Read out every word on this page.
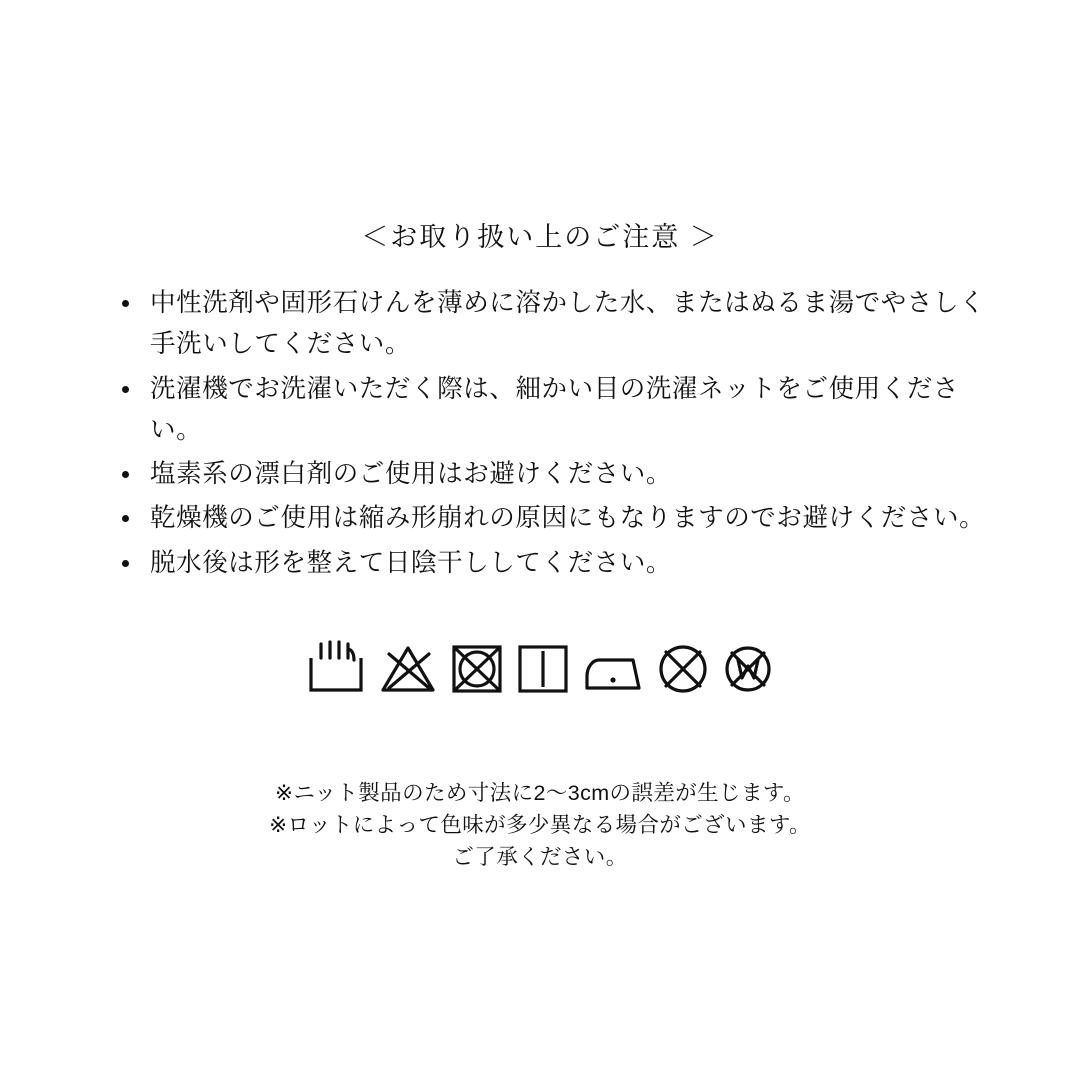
＜お取り扱い上のご注意 ＞
中性洗剤や固形石けんを薄めに溶かした水、またはぬるま湯でやさしく手洗いしてください。
洗濯機でお洗濯いただく際は、細かい目の洗濯ネットをご使用ください。
塩素系の漂白剤のご使用はお避けください。
乾燥機のご使用は縮み形崩れの原因にもなりますのでお避けください。
脱水後は形を整えて日陰干ししてください。
※ニット製品のため寸法に2〜3cmの誤差が生じます。
※ロットによって色味が多少異なる場合がございます。
ご了承ください。
